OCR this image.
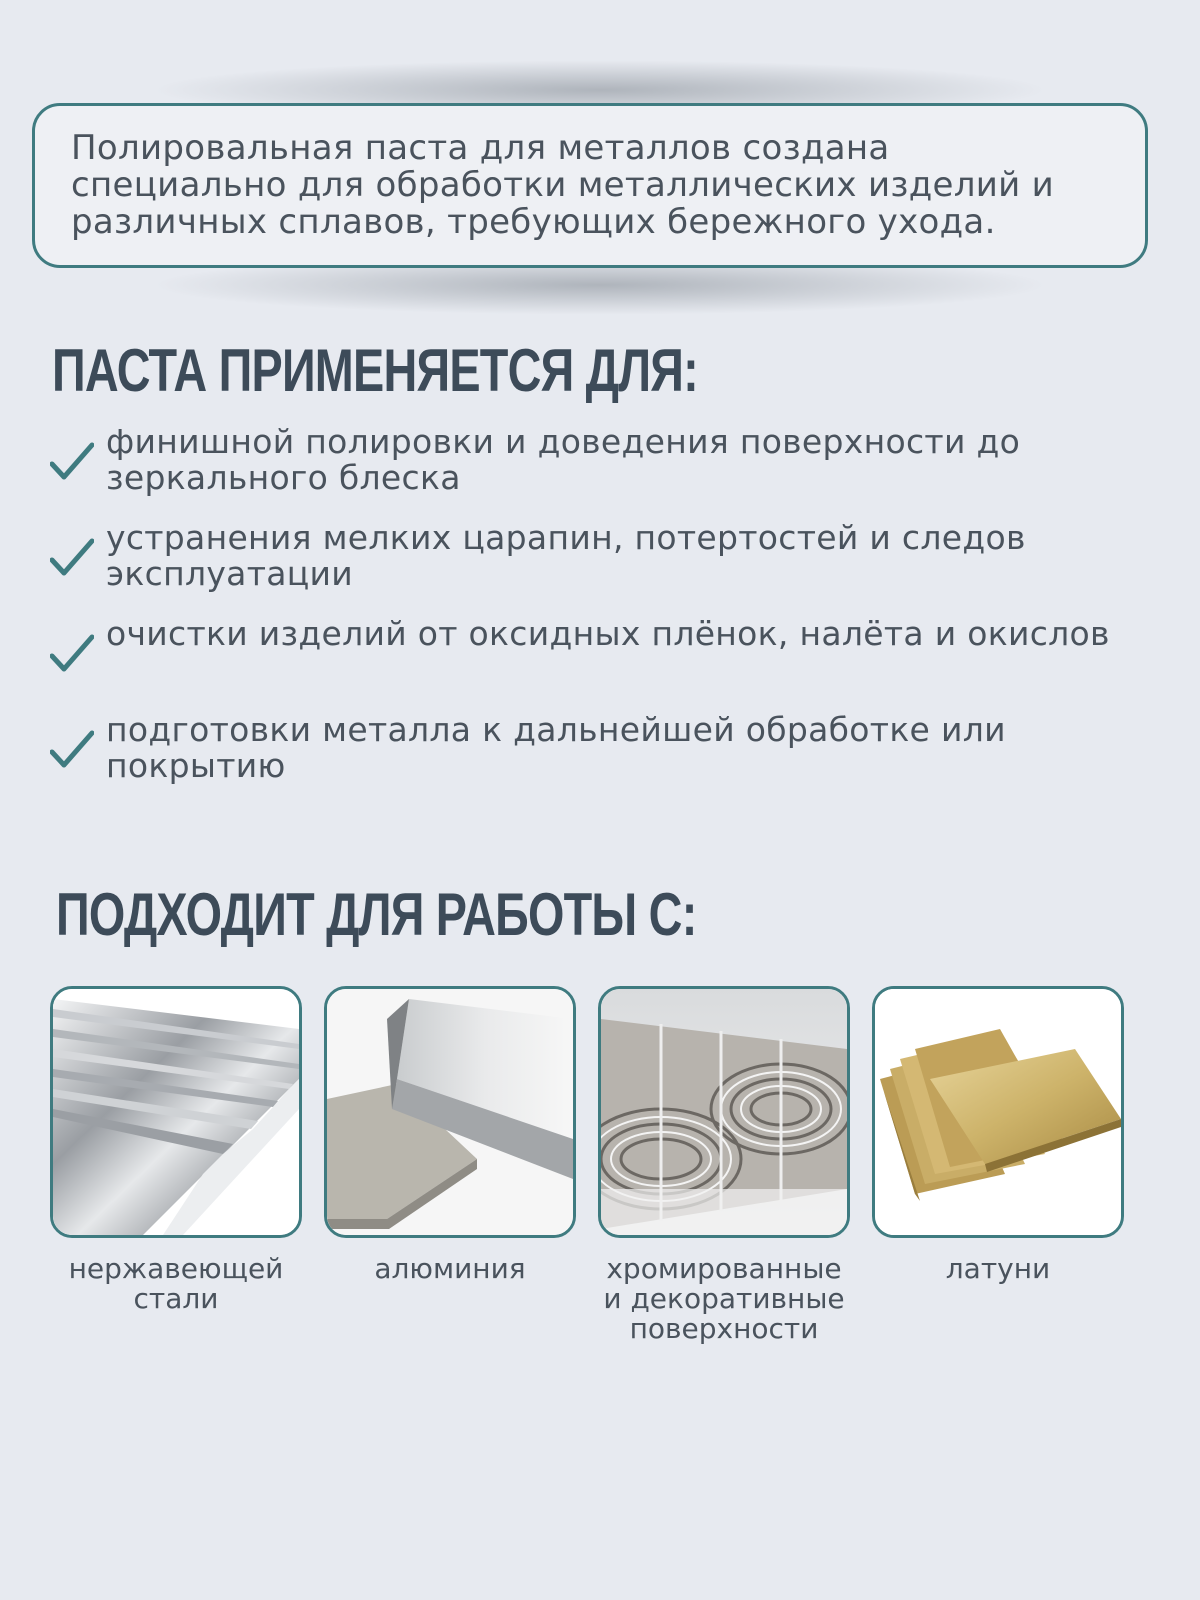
Полировальная паста для металлов создана специально для обработки металлических изделий и различных сплавов, требующих бережного ухода.

ПАСТА ПРИМЕНЯЕТСЯ ДЛЯ:
финишной полировки и доведения поверхности до зеркального блеска
устранения мелких царапин, потертостей и следов эксплуатации
очистки изделий от оксидных плёнок, налёта и окислов
подготовки металла к дальнейшей обработке или покрытию
ПОДХОДИТ ДЛЯ РАБОТЫ С:
нержавеющей
стали
алюминия	хромированные
и декоративные
поверхности
латуни
